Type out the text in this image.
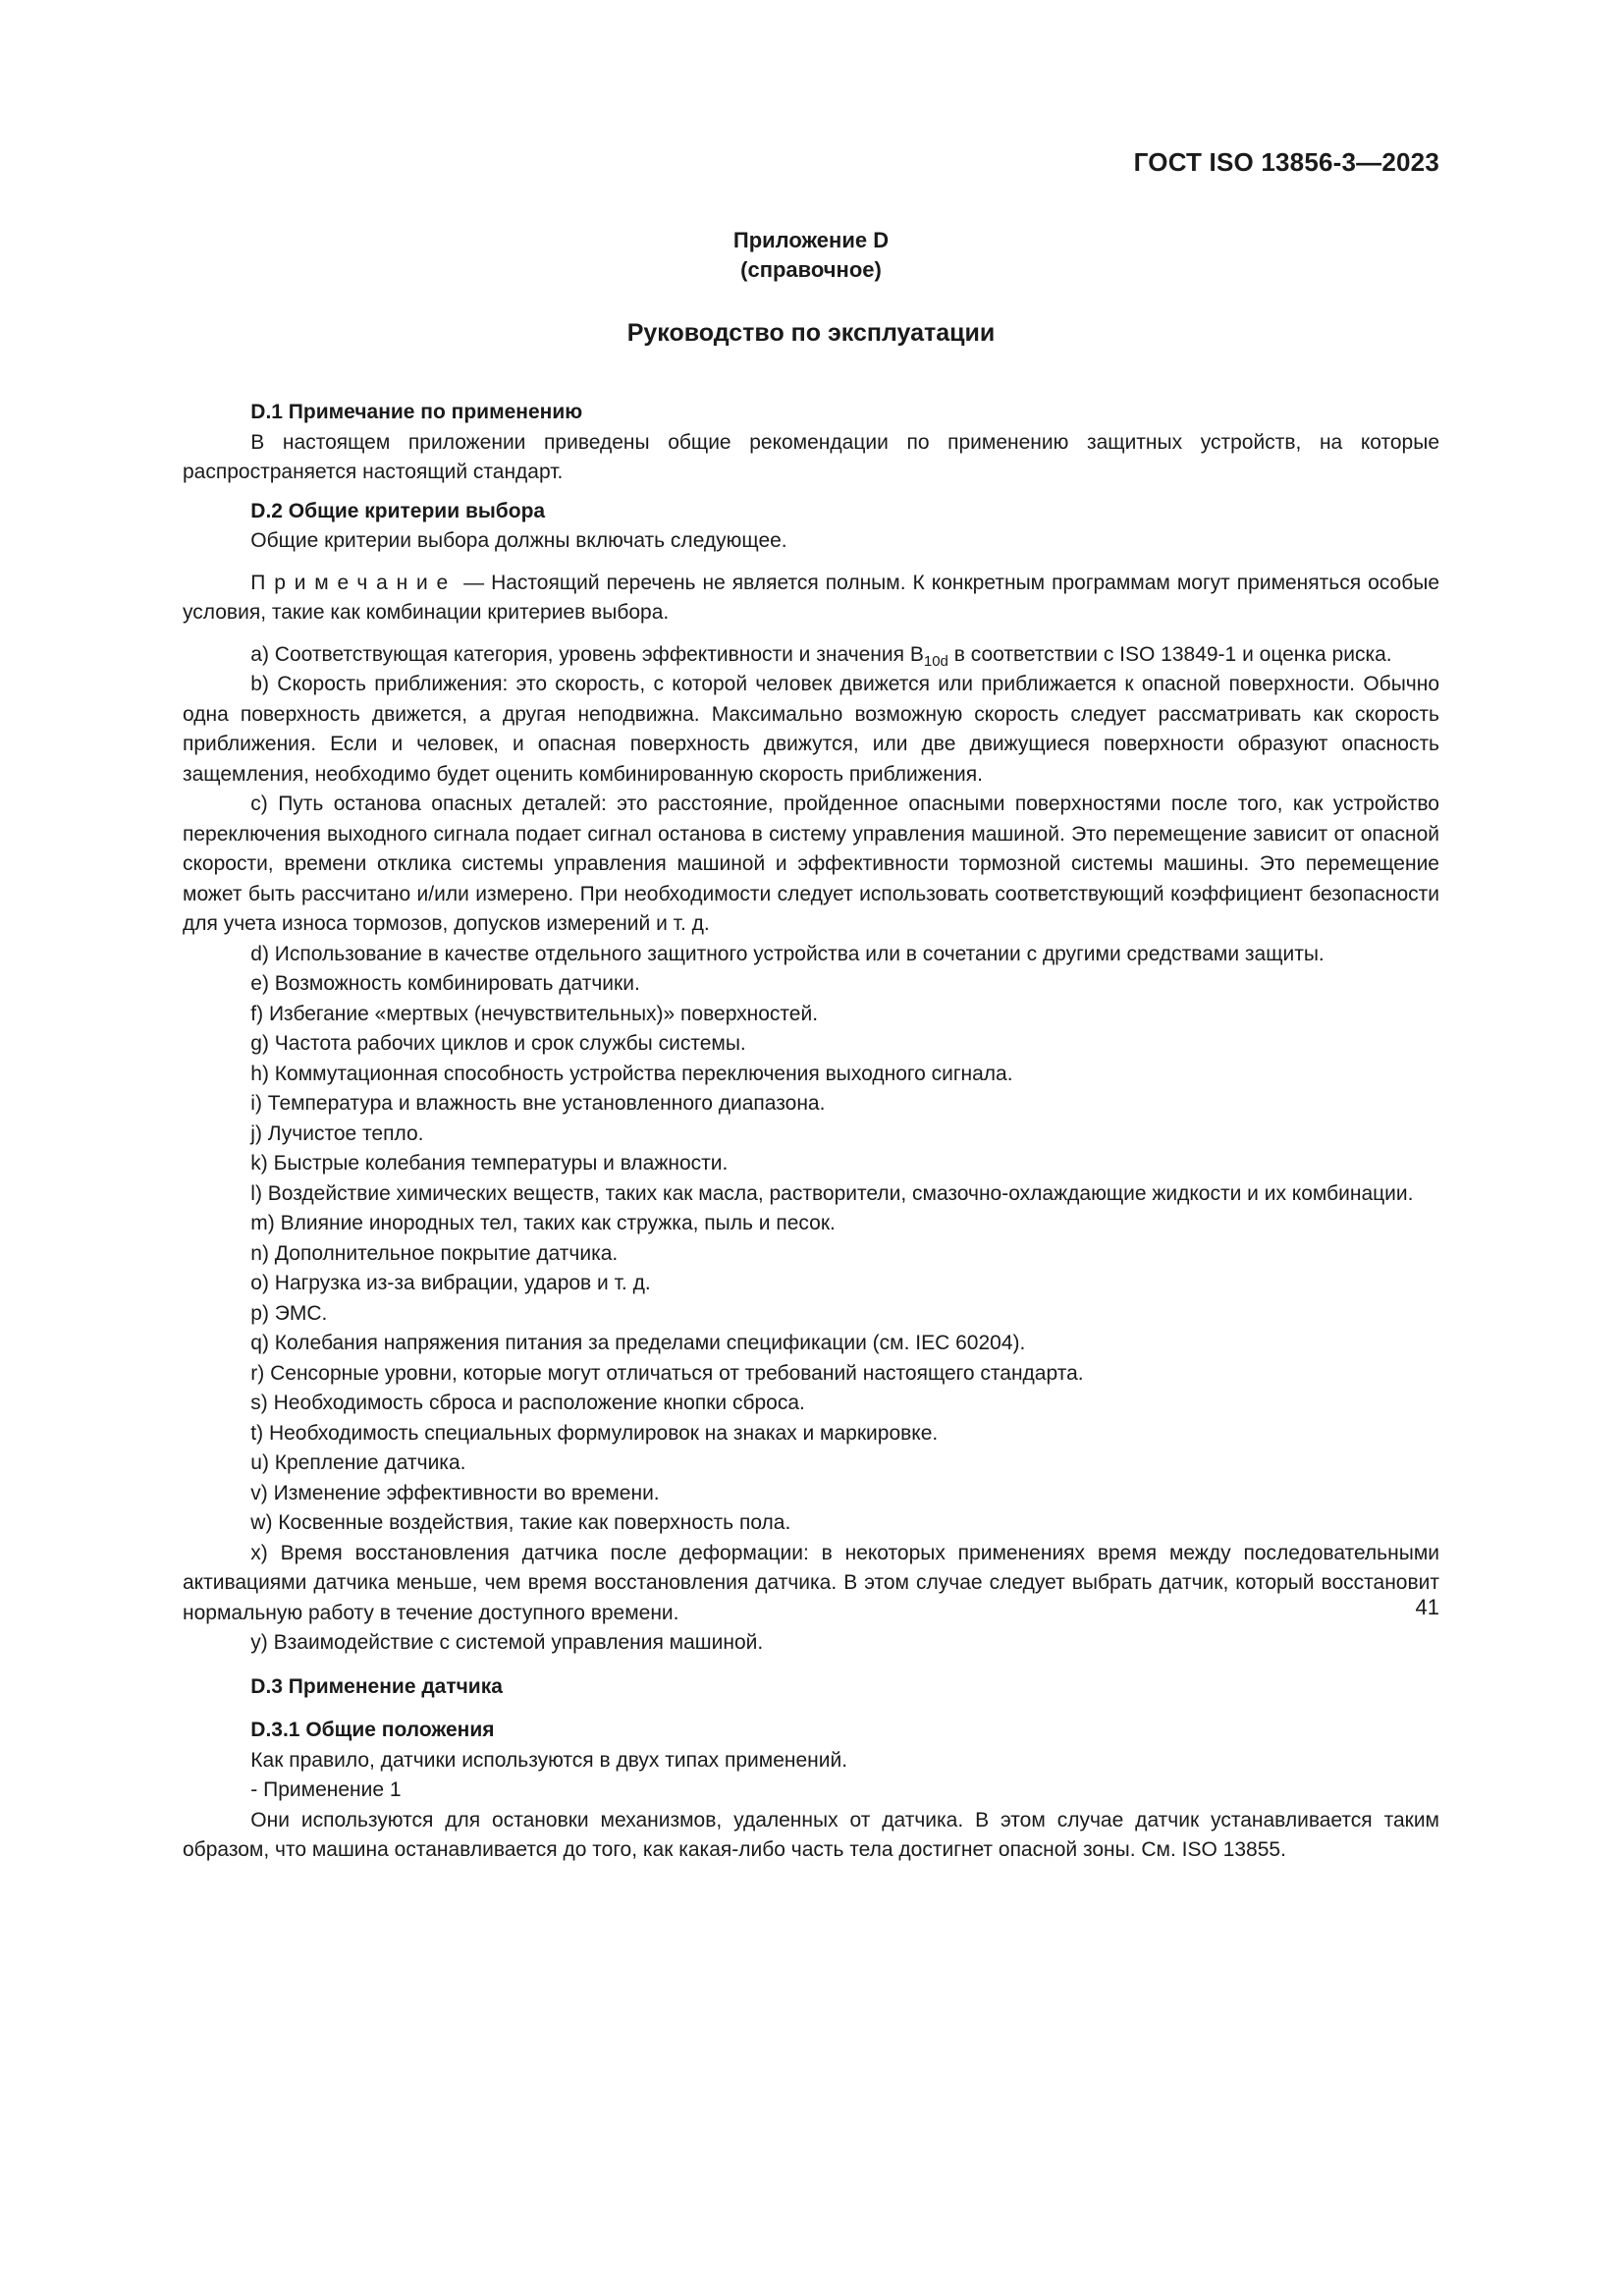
ГОСТ ISO 13856-3—2023
Приложение D
(справочное)
Руководство по эксплуатации

D.1 Примечание по применению

В настоящем приложении приведены общие рекомендации по применению защитных устройств, на которые распространяется настоящий стандарт.

D.2 Общие критерии выбора

Общие критерии выбора должны включать следующее.

Примечание — Настоящий перечень не является полным. К конкретным программам могут применяться особые условия, такие как комбинации критериев выбора.

a) Соответствующая категория, уровень эффективности и значения $B_{10d}$ в соответствии с ISO 13849-1 и оценка риска.

b) Скорость приближения: это скорость, с которой человек движется или приближается к опасной поверхности. Обычно одна поверхность движется, а другая неподвижна. Максимально возможную скорость следует рассматривать как скорость приближения. Если и человек, и опасная поверхность движутся, или две движущиеся поверхности образуют опасность защемления, необходимо будет оценить комбинированную скорость приближения.

c) Путь останова опасных деталей: это расстояние, пройденное опасными поверхностями после того, как устройство переключения выходного сигнала подает сигнал останова в систему управления машиной. Это перемещение зависит от опасной скорости, времени отклика системы управления машиной и эффективности тормозной системы машины. Это перемещение может быть рассчитано и/или измерено. При необходимости следует использовать соответствующий коэффициент безопасности для учета износа тормозов, допусков измерений и т. д.

d) Использование в качестве отдельного защитного устройства или в сочетании с другими средствами защиты.

e) Возможность комбинировать датчики.

f) Избегание «мертвых (нечувствительных)» поверхностей.

g) Частота рабочих циклов и срок службы системы.

h) Коммутационная способность устройства переключения выходного сигнала.

i) Температура и влажность вне установленного диапазона.

j) Лучистое тепло.

k) Быстрые колебания температуры и влажности.

l) Воздействие химических веществ, таких как масла, растворители, смазочно-охлаждающие жидкости и их комбинации.

m) Влияние инородных тел, таких как стружка, пыль и песок.

n) Дополнительное покрытие датчика.

o) Нагрузка из-за вибрации, ударов и т. д.

p) ЭМС.

q) Колебания напряжения питания за пределами спецификации (см. IEC 60204).

r) Сенсорные уровни, которые могут отличаться от требований настоящего стандарта.

s) Необходимость сброса и расположение кнопки сброса.

t) Необходимость специальных формулировок на знаках и маркировке.

u) Крепление датчика.

v) Изменение эффективности во времени.

w) Косвенные воздействия, такие как поверхность пола.

x) Время восстановления датчика после деформации: в некоторых применениях время между последовательными активациями датчика меньше, чем время восстановления датчика. В этом случае следует выбрать датчик, который восстановит нормальную работу в течение доступного времени.

y) Взаимодействие с системой управления машиной.

D.3 Применение датчика

D.3.1 Общие положения

Как правило, датчики используются в двух типах применений.

- Применение 1

Они используются для остановки механизмов, удаленных от датчика. В этом случае датчик устанавливается таким образом, что машина останавливается до того, как какая-либо часть тела достигнет опасной зоны. См. ISO 13855.

41
